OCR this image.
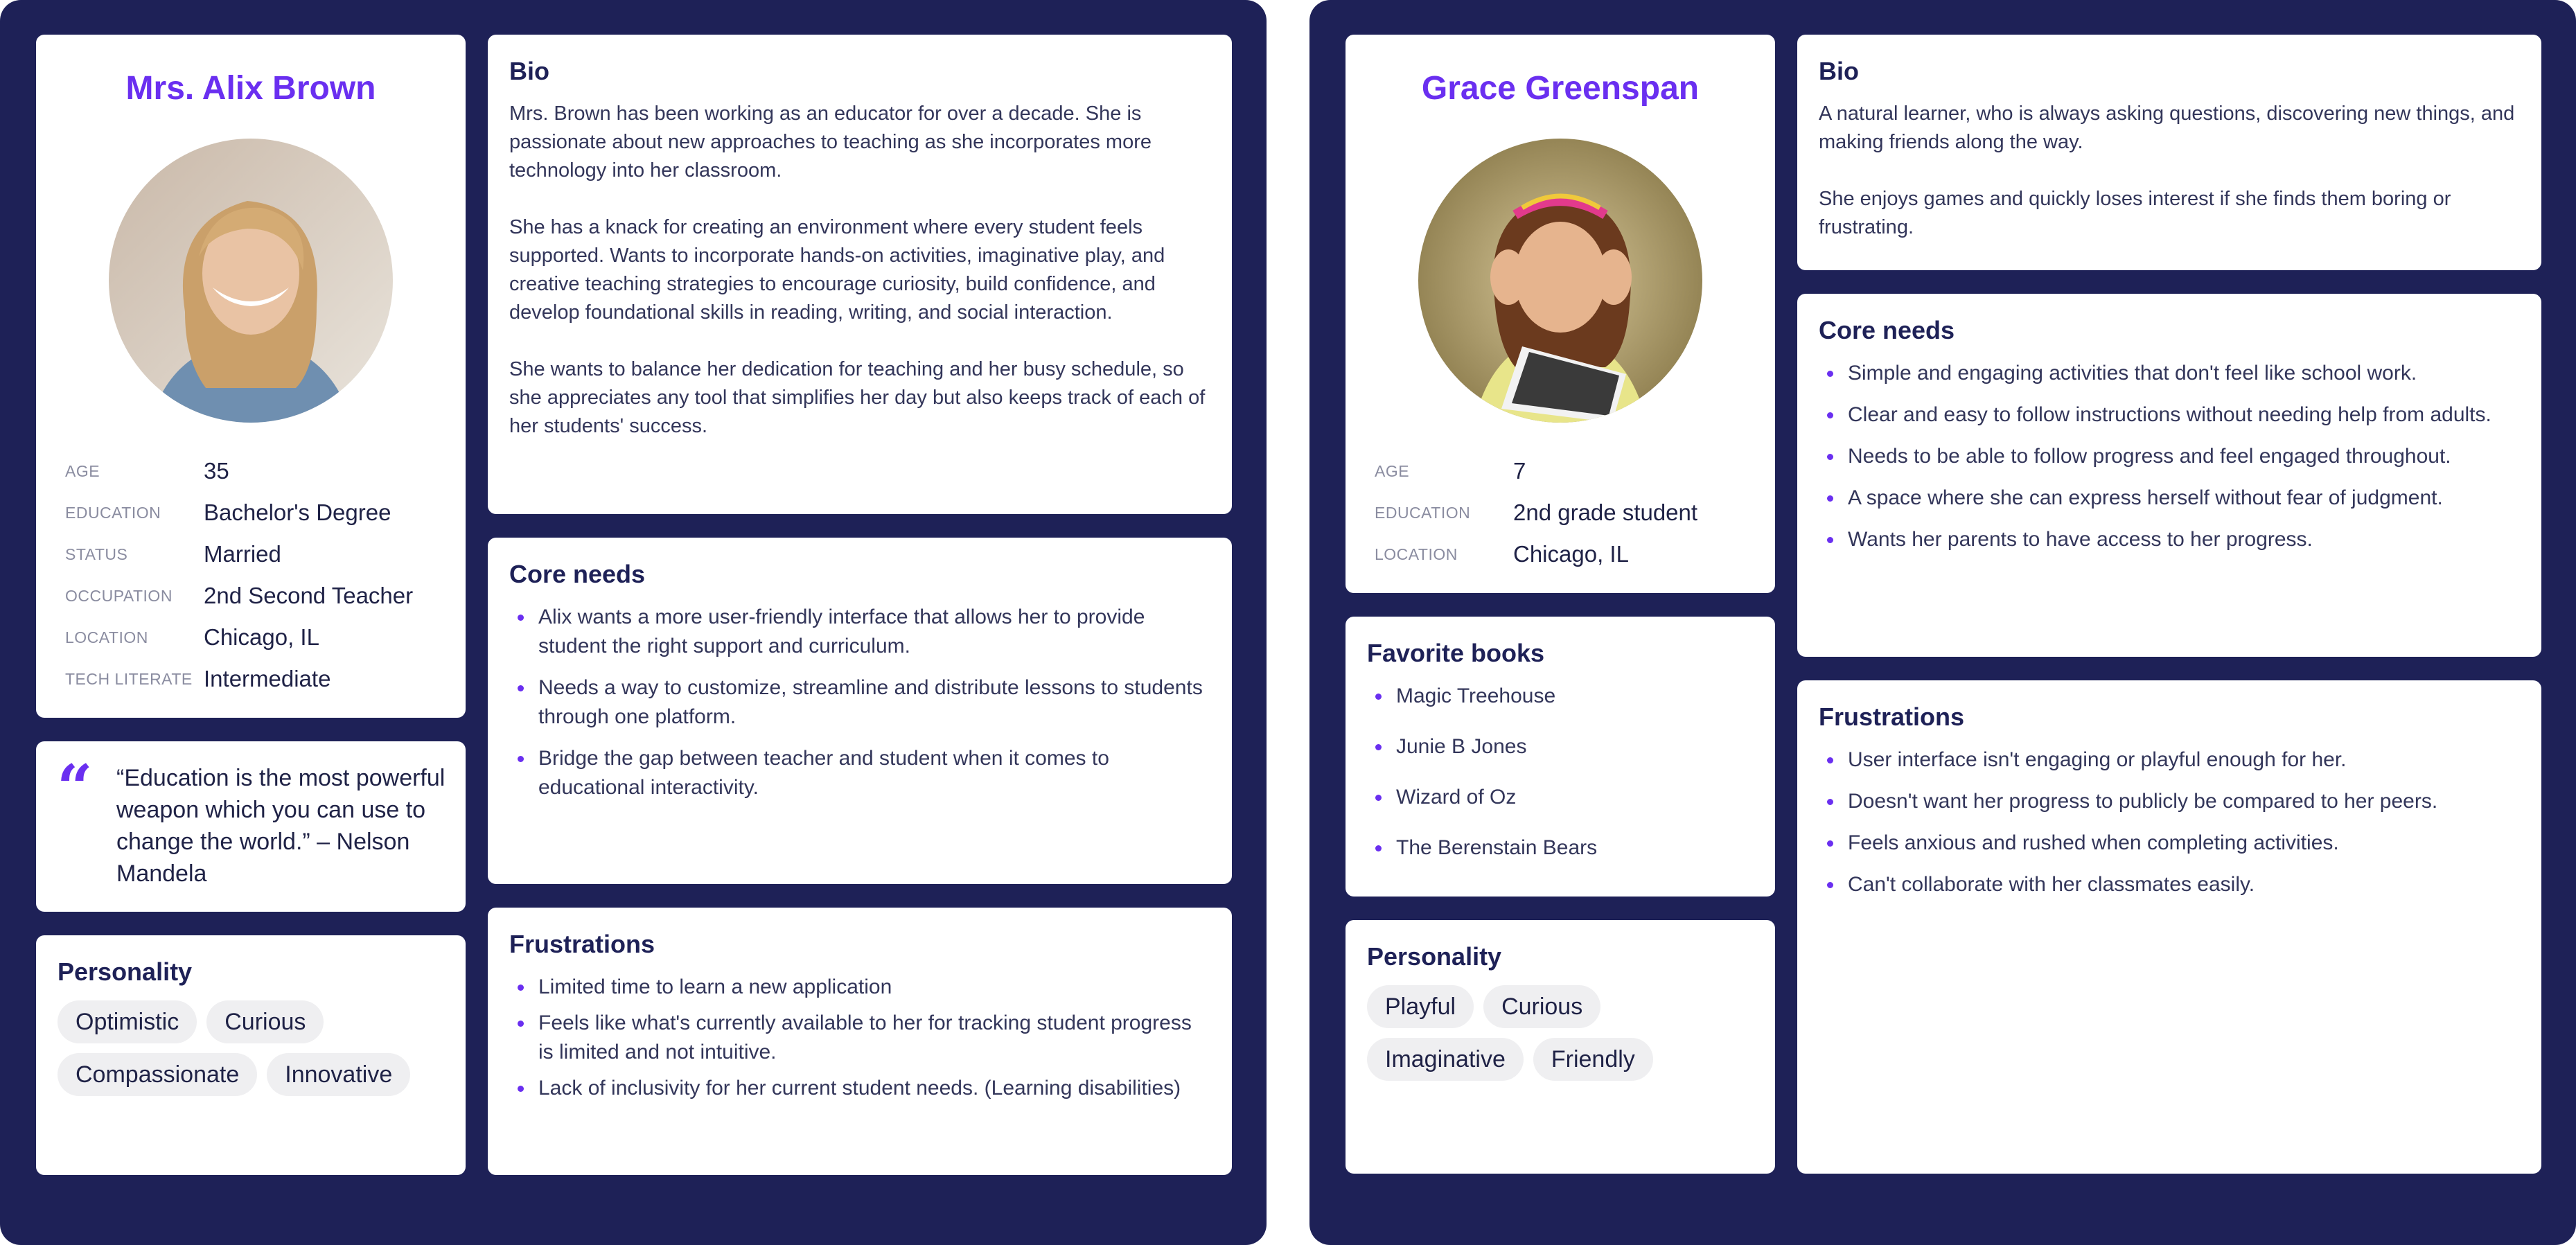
Mrs. Alix Brown
AGE	35
EDUCATION	Bachelor's Degree
STATUS	Married
OCCUPATION	2nd Second Teacher
LOCATION	Chicago, IL
TECH LITERATE Intermediate
“ “Education is the most powerful weapon which you can use to change the world.” – Nelson Mandela
Personality
Optimistic	Curious
Compassionate	Innovative
Bio

Mrs. Brown has been working as an educator for over a decade. She is passionate about new approaches to teaching as she incorporates more technology into her classroom.

She has a knack for creating an environment where every student feels supported. Wants to incorporate hands-on activities, imaginative play, and creative teaching strategies to encourage curiosity, build confidence, and develop foundational skills in reading, writing, and social interaction.

She wants to balance her dedication for teaching and her busy schedule, so she appreciates any tool that simplifies her day but also keeps track of each of her students' success.

Core needs
Alix wants a more user-friendly interface that allows her to provide student the right support and curriculum.
Needs a way to customize, streamline and distribute lessons to students through one platform.
Bridge the gap between teacher and student when it comes to educational interactivity.
Frustrations
Limited time to learn a new application
Feels like what's currently available to her for tracking student progress is limited and not intuitive.
Lack of inclusivity for her current student needs. (Learning disabilities)
Grace Greenspan
AGE	7
EDUCATION	2nd grade student
LOCATION	Chicago, IL
Favorite books
Magic Treehouse
Junie B Jones
Wizard of Oz
The Berenstain Bears
Personality
Playful	Curious
Imaginative	Friendly
Bio

A natural learner, who is always asking questions, discovering new things, and making friends along the way.

She enjoys games and quickly loses interest if she finds them boring or frustrating.

Core needs
Simple and engaging activities that don't feel like school work.
Clear and easy to follow instructions without needing help from adults.
Needs to be able to follow progress and feel engaged throughout.
A space where she can express herself without fear of judgment.
Wants her parents to have access to her progress.
Frustrations
User interface isn't engaging or playful enough for her.
Doesn't want her progress to publicly be compared to her peers.
Feels anxious and rushed when completing activities.
Can't collaborate with her classmates easily.
